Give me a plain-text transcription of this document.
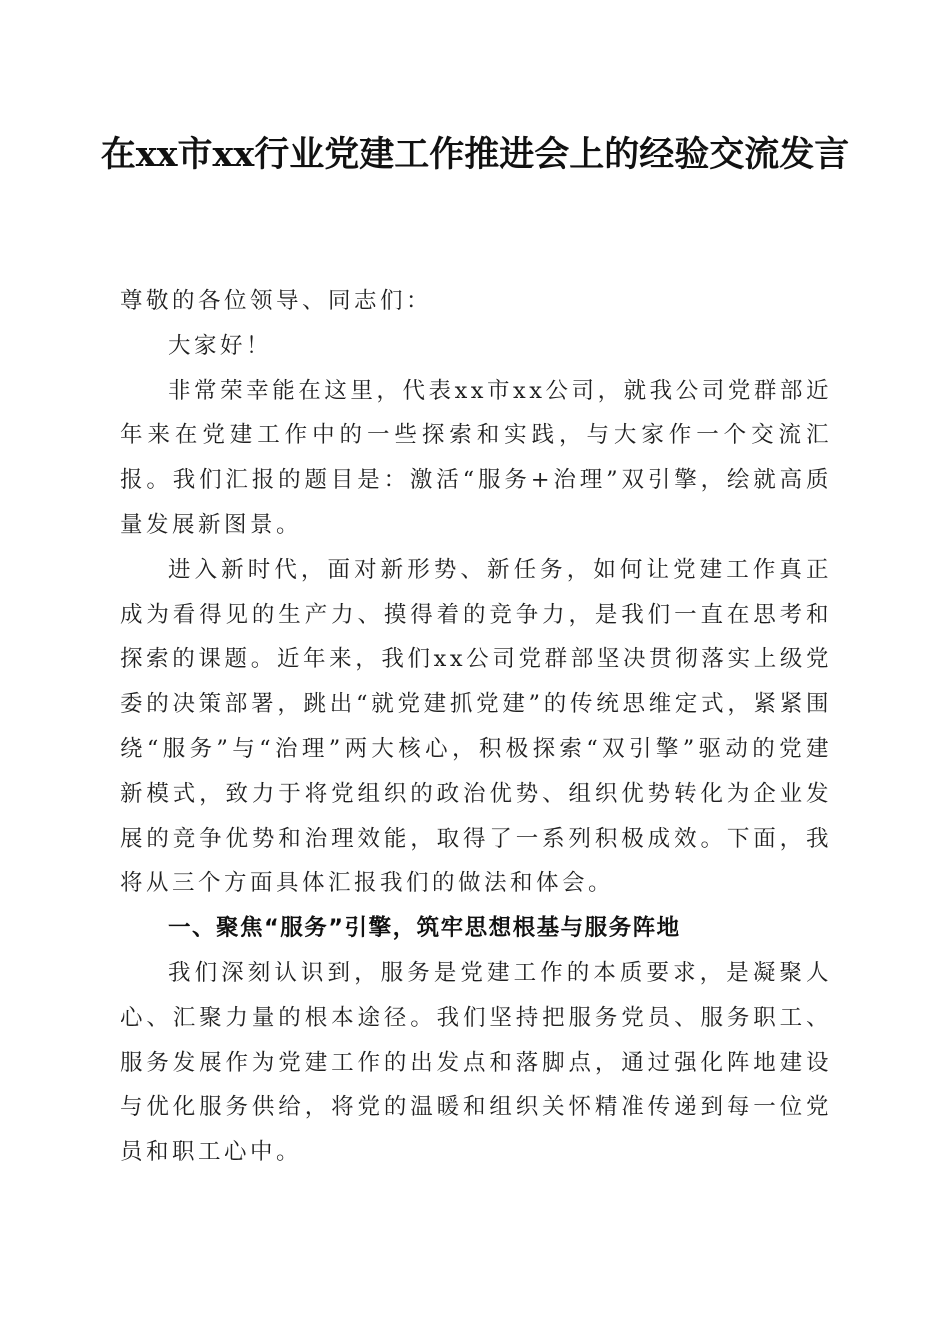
在xx市xx行业党建工作推进会上的经验交流发言

尊敬的各位领导、同志们：

大家好！

非常荣幸能在这里，代表xx市xx公司，就我公司党群部近年来在党建工作中的一些探索和实践，与大家作一个交流汇报。我们汇报的题目是：激活“服务+治理”双引擎，绘就高质量发展新图景。

进入新时代，面对新形势、新任务，如何让党建工作真正成为看得见的生产力、摸得着的竞争力，是我们一直在思考和探索的课题。近年来，我们xx公司党群部坚决贯彻落实上级党委的决策部署，跳出“就党建抓党建”的传统思维定式，紧紧围绕“服务”与“治理”两大核心，积极探索“双引擎”驱动的党建新模式，致力于将党组织的政治优势、组织优势转化为企业发展的竞争优势和治理效能，取得了一系列积极成效。下面，我将从三个方面具体汇报我们的做法和体会。

一、聚焦“服务”引擎，筑牢思想根基与服务阵地

我们深刻认识到，服务是党建工作的本质要求，是凝聚人心、汇聚力量的根本途径。我们坚持把服务党员、服务职工、服务发展作为党建工作的出发点和落脚点，通过强化阵地建设与优化服务供给，将党的温暖和组织关怀精准传递到每一位党员和职工心中。
